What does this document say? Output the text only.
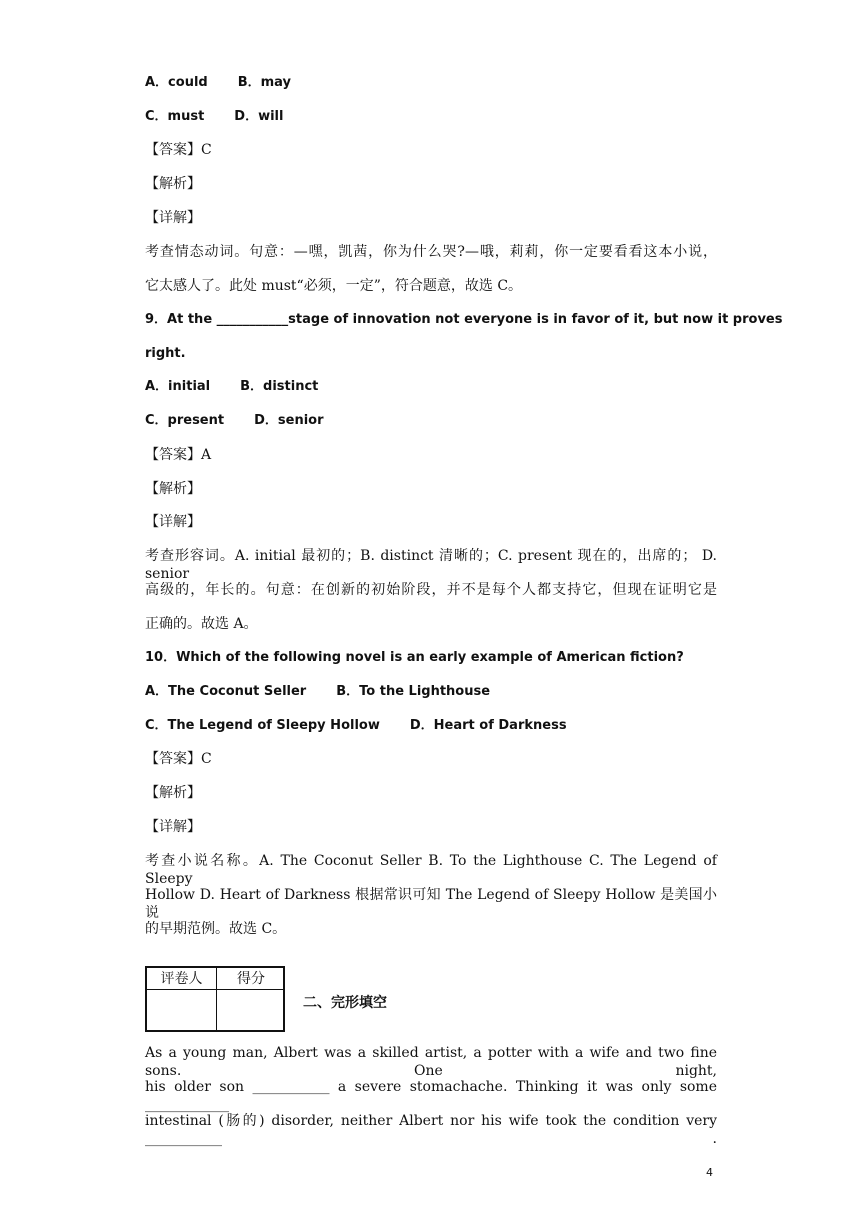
A．could B．may
C．must D．will
【答案】C
【解析】
【详解】
考查情态动词。句意：—嘿，凯茜，你为什么哭?—哦，莉莉，你一定要看看这本小说，
它太感人了。此处 must“必须，一定”，符合题意，故选 C。
9．At the ___________stage of innovation not everyone is in favor of it, but now it proves
right.
A．initial B．distinct
C．present D．senior
【答案】A
【解析】
【详解】
考查形容词。A. initial 最初的；B. distinct 清晰的；C. present 现在的，出席的； D. senior
高级的，年长的。句意：在创新的初始阶段，并不是每个人都支持它，但现在证明它是
正确的。故选 A。
10．Which of the following novel is an early example of American fiction?
A．The Coconut Seller B．To the Lighthouse
C．The Legend of Sleepy Hollow D．Heart of Darkness
【答案】C
【解析】
【详解】
考查小说名称。A. The Coconut Seller B. To the Lighthouse C. The Legend of Sleepy
Hollow D. Heart of Darkness 根据常识可知 The Legend of Sleepy Hollow 是美国小说
的早期范例。故选 C。
评卷人	得分
二、完形填空
As a young man, Albert was a skilled artist, a potter with a wife and two fine sons. One night,
his older son ___________ a severe stomachache. Thinking it was only some ____________
intestinal (肠的) disorder, neither Albert nor his wife took the condition very ___________ .
4
